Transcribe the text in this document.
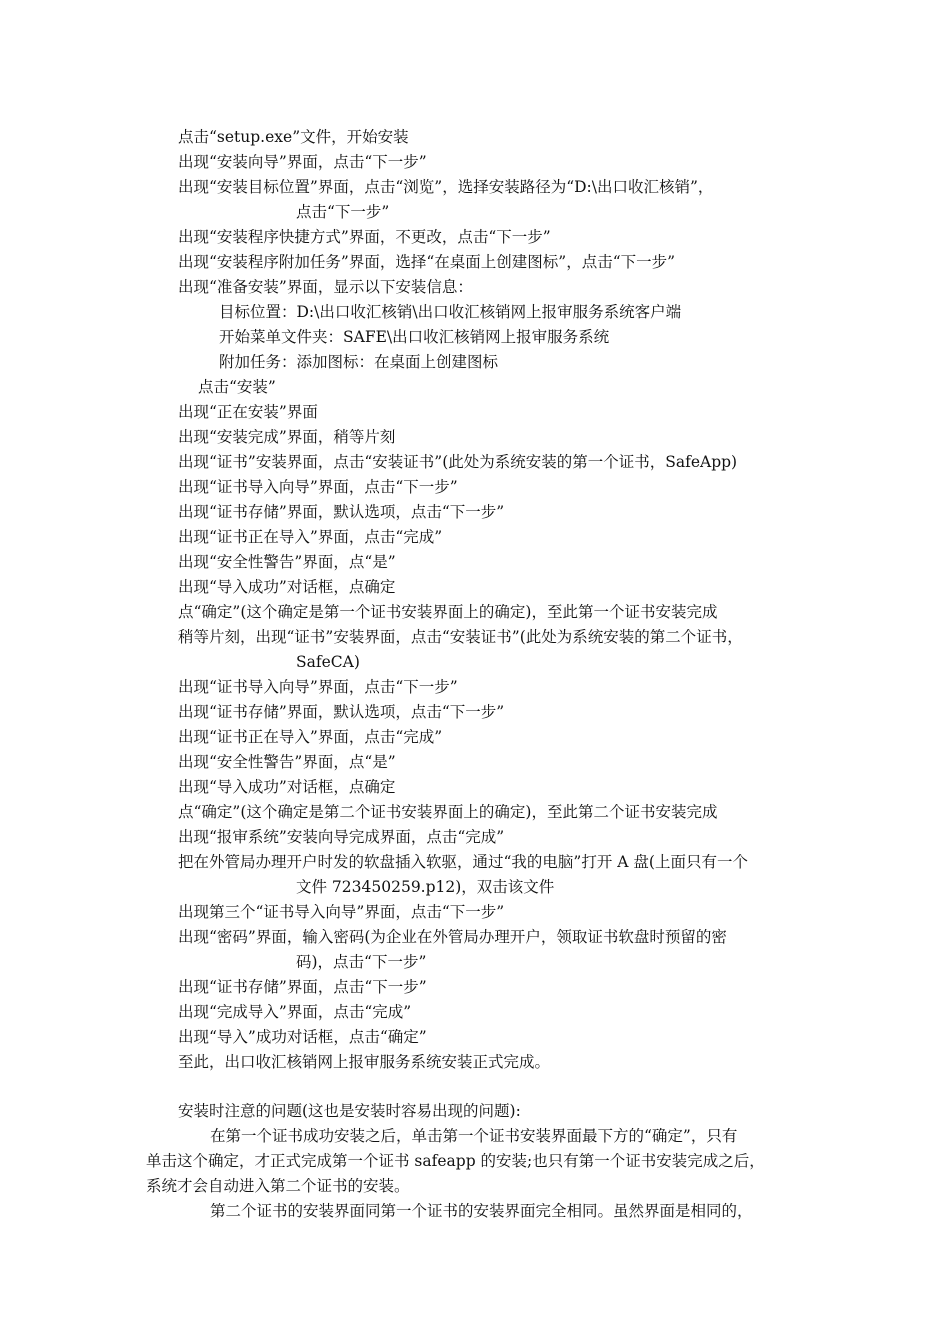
点击“setup.exe”文件，开始安装
出现“安装向导”界面，点击“下一步”
出现“安装目标位置”界面，点击“浏览”，选择安装路径为“D:\出口收汇核销”，
点击“下一步”
出现“安装程序快捷方式”界面，不更改，点击“下一步”
出现“安装程序附加任务”界面，选择“在桌面上创建图标”，点击“下一步”
出现“准备安装”界面，显示以下安装信息：
目标位置：D:\出口收汇核销\出口收汇核销网上报审服务系统客户端
开始菜单文件夹：SAFE\出口收汇核销网上报审服务系统
附加任务：添加图标：在桌面上创建图标
点击“安装”
出现“正在安装”界面
出现“安装完成”界面，稍等片刻
出现“证书”安装界面，点击“安装证书”(此处为系统安装的第一个证书，SafeApp)
出现“证书导入向导”界面，点击“下一步”
出现“证书存储”界面，默认选项，点击“下一步”
出现“证书正在导入”界面，点击“完成”
出现“安全性警告”界面，点“是”
出现“导入成功”对话框，点确定
点“确定”(这个确定是第一个证书安装界面上的确定)，至此第一个证书安装完成
稍等片刻，出现“证书”安装界面，点击“安装证书”(此处为系统安装的第二个证书，
SafeCA)
出现“证书导入向导”界面，点击“下一步”
出现“证书存储”界面，默认选项，点击“下一步”
出现“证书正在导入”界面，点击“完成”
出现“安全性警告”界面，点“是”
出现“导入成功”对话框，点确定
点“确定”(这个确定是第二个证书安装界面上的确定)，至此第二个证书安装完成
出现“报审系统”安装向导完成界面，点击“完成”
把在外管局办理开户时发的软盘插入软驱，通过“我的电脑”打开 A 盘(上面只有一个
文件 723450259.p12)，双击该文件
出现第三个“证书导入向导”界面，点击“下一步”
出现“密码”界面，输入密码(为企业在外管局办理开户，领取证书软盘时预留的密
码)，点击“下一步”
出现“证书存储”界面，点击“下一步”
出现“完成导入”界面，点击“完成”
出现“导入”成功对话框，点击“确定”
至此，出口收汇核销网上报审服务系统安装正式完成。
安装时注意的问题(这也是安装时容易出现的问题):
在第一个证书成功安装之后，单击第一个证书安装界面最下方的“确定”，只有
单击这个确定，才正式完成第一个证书 safeapp 的安装;也只有第一个证书安装完成之后，
系统才会自动进入第二个证书的安装。
第二个证书的安装界面同第一个证书的安装界面完全相同。虽然界面是相同的，
